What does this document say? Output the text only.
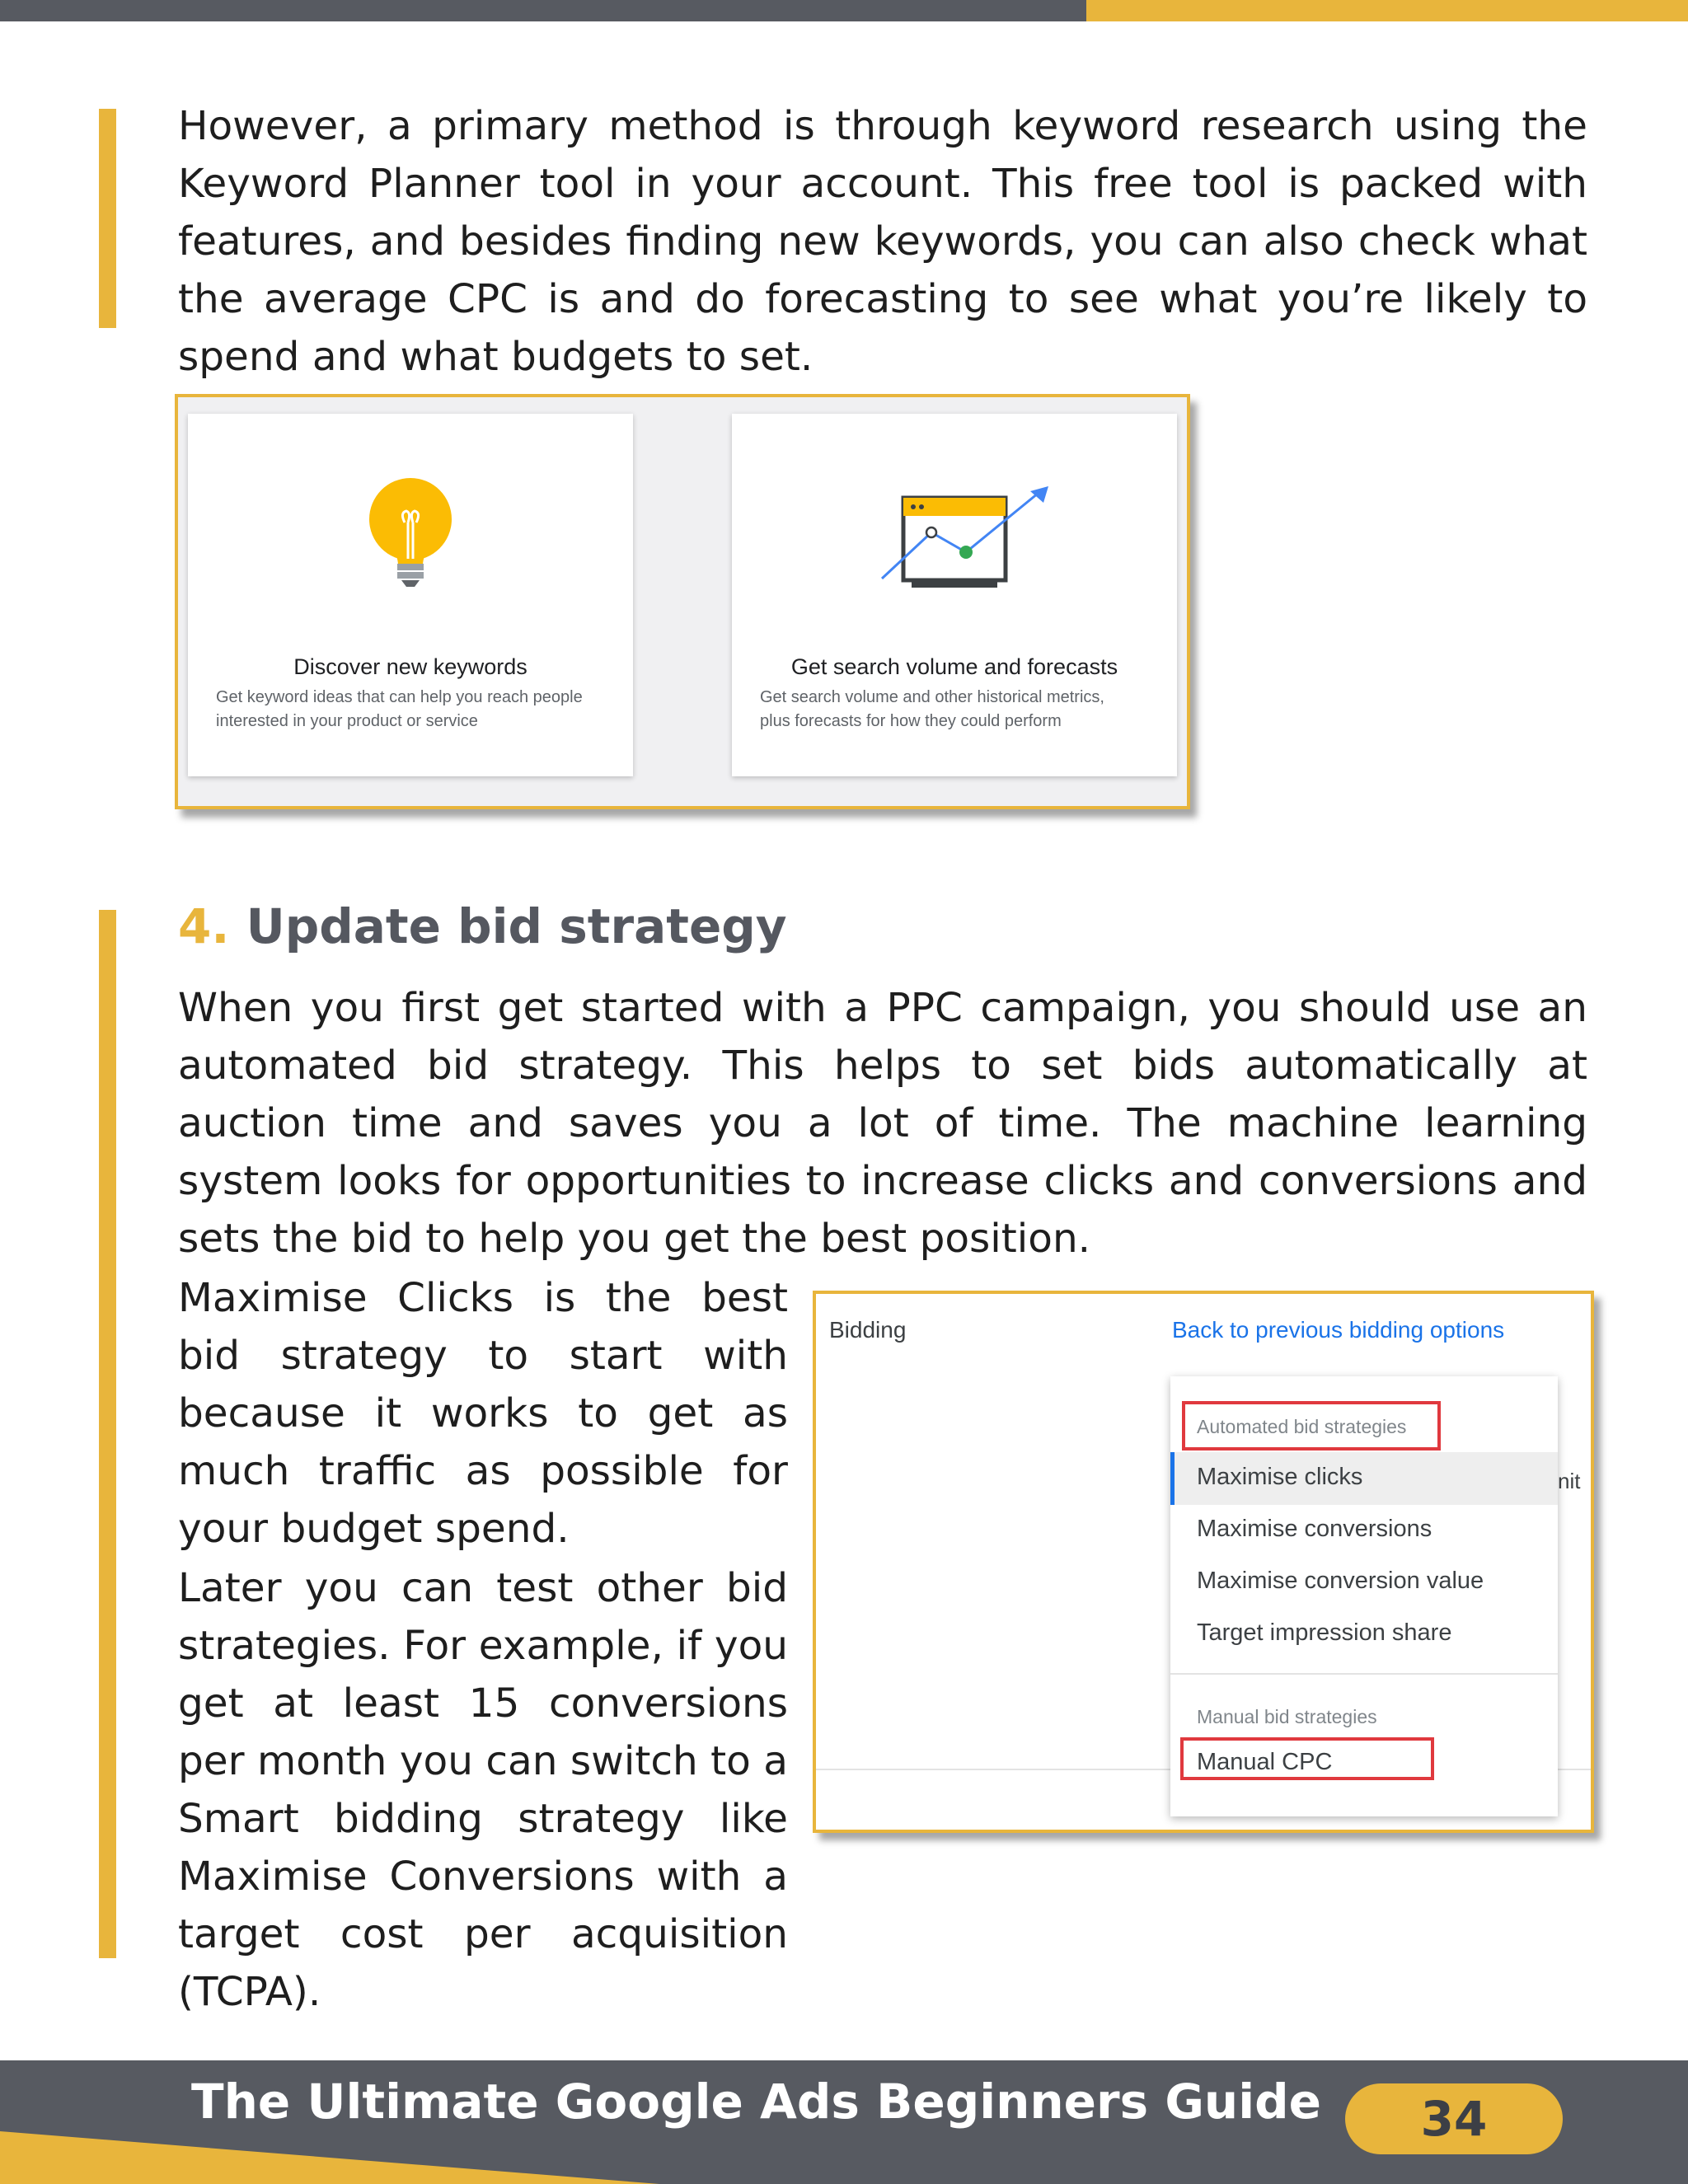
However, a primary method is through keyword research using the Keyword Planner tool in your account. This free tool is packed with features, and besides finding new keywords, you can also check what the average CPC is and do forecasting to see what you’re likely to spend and what budgets to set.

Discover new keywords
Get keyword ideas that can help you reach people
interested in your product or service
Get search volume and forecasts
Get search volume and other historical metrics,
plus forecasts for how they could perform
4. Update bid strategy

When you first get started with a PPC campaign, you should use an automated bid strategy. This helps to set bids automatically at auction time and saves you a lot of time. The machine learning system looks for opportunities to increase clicks and conversions and sets the bid to help you get the best position.

Maximise Clicks is the best bid strategy to start with because it works to get as much traffic as possible for your budget spend.

Later you can test other bid strategies. For example, if you get at least 15 conversions per month you can switch to a Smart bidding strategy like Maximise Conversions with a target cost per acquisition (TCPA).

Bidding	Back to previous bidding options
nit
Automated bid strategies
Maximise clicks
Maximise conversions
Maximise conversion value
Target impression share
Manual bid strategies
Manual CPC

The Ultimate Google Ads Beginners Guide	34
